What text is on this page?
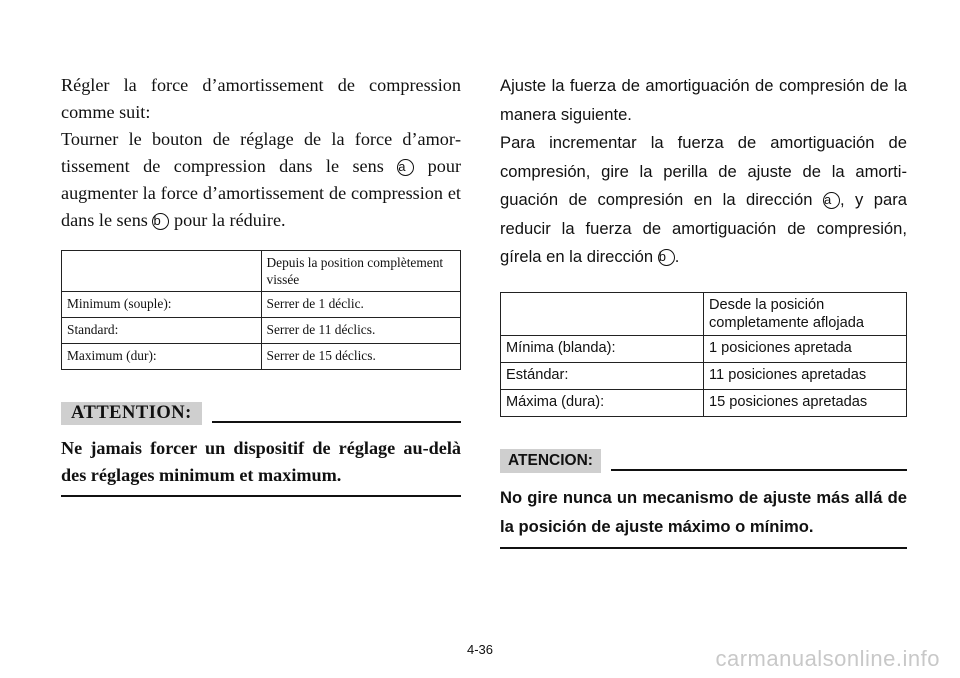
Régler la force d’amortissement de compression comme suit:

Tourner le bouton de réglage de la force d’amortissement de compression dans le sens a pour augmenter la force d’amortissement de compression et dans le sens b pour la réduire.

	Depuis la position complètement vissée
Minimum (souple):	Serrer de 1 déclic.
Standard:	Serrer de 11 déclics.
Maximum (dur):	Serrer de 15 déclics.
ATTENTION:

Ne jamais forcer un dispositif de réglage au-delà des réglages minimum et maximum.

Ajuste la fuerza de amortiguación de compresión de la manera siguiente.

Para incrementar la fuerza de amortiguación de compresión, gire la perilla de ajuste de la amortiguación de compresión en la dirección a , y para reducir la fuerza de amortiguación de compresión, gírela en la dirección b .

	Desde la posición completamente aflojada
Mínima (blanda):	1 posiciones apretada
Estándar:	11 posiciones apretadas
Máxima (dura):	15 posiciones apretadas
ATENCION:

No gire nunca un mecanismo de ajuste más allá de la posición de ajuste máximo o mínimo.

4-36	carmanualsonline.info
